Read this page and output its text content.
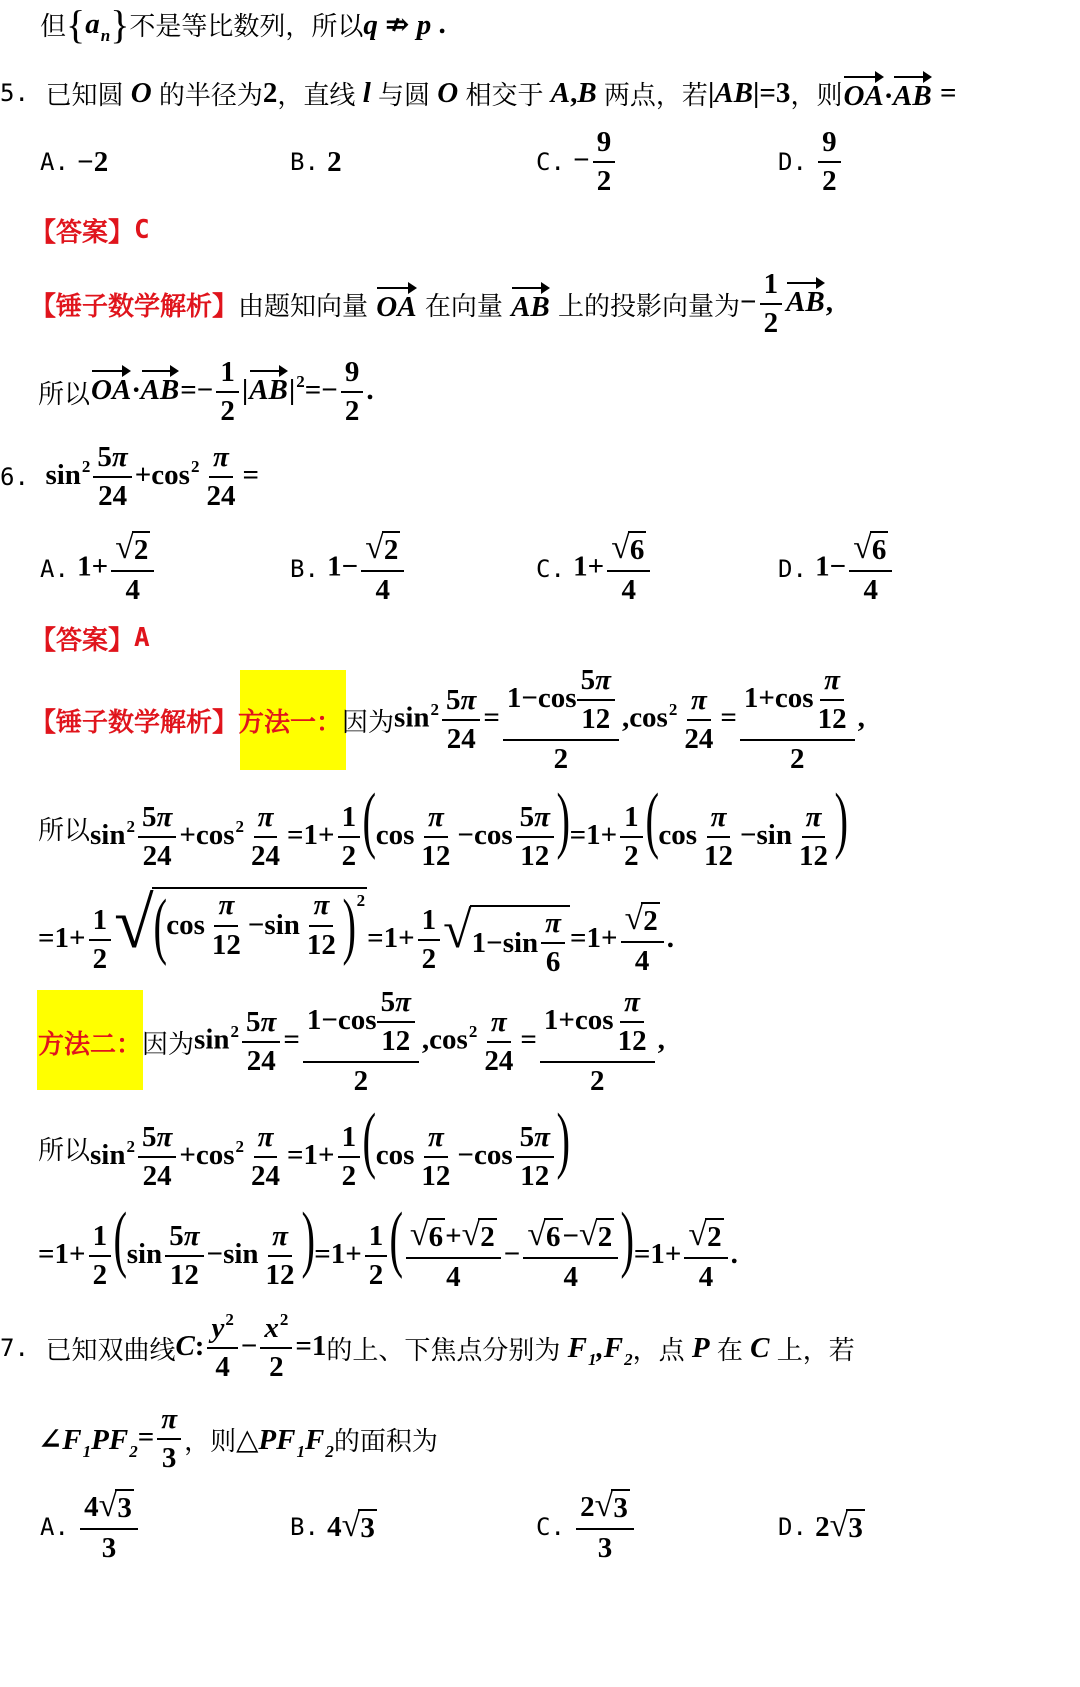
但 { $a_n$ } 不是等比数列，所以 q ⇏ p .
5.
已知圆 O 的半径为 2 ，直线 l 与圆 O 相交于 A , B 两点，若 |AB|=3 ，则 OA·AB =
A.
−2	B.
2	C.
− $\frac{9}{2}$	D.
$\frac{9}{2}$
【答案】 C
【锤子数学解析】 由题知向量 OA 在向量 AB 上的投影向量为 − $\frac{1}{2}$ AB,
所以 $OA\cdot AB=- \frac{1}{2} |AB|^2=- \frac{9}{2}$ .
6.
$\sin^2 \frac{5\pi}{24} +\cos^2 \frac{\pi}{24}$ =
A.
$1+ \frac{√ 2}{4}$	B.
$1- \frac{√ 2}{4}$	C.
$1+ \frac{√ 6}{4}$	D.
$1- \frac{√ 6}{4}$
【答案】 A
【锤子数学解析】 方法一： 因为 $\sin^2 \frac{5\pi}{24} = \frac{1-\cos \frac{5\pi}{12}}{2} ,\cos^2 \frac{\pi}{24} = \frac{1+\cos \frac{\pi}{12}}{2}$ ,
所以 $\sin^2 \frac{5\pi}{24} +\cos^2 \frac{\pi}{24} =1+ \frac{1}{2} (\cos \frac{\pi}{12} -\cos \frac{5\pi}{12} )=1+ \frac{1}{2} (\cos \frac{\pi}{12} -\sin \frac{\pi}{12}$ )
$=1+ \frac{1}{2}$ √ ( cos
π
12
−sin
π
12 ) 2
$=1+ \frac{1}{2}$ √ 1−sin
π
6
$=1+ \frac{√ 2}{4}$ .
方法二： 因为 $\sin^2 \frac{5\pi}{24} = \frac{1-\cos \frac{5\pi}{12}}{2} ,\cos^2 \frac{\pi}{24} = \frac{1+\cos \frac{\pi}{12}}{2}$ ,
所以 $\sin^2 \frac{5\pi}{24} +\cos^2 \frac{\pi}{24} =1+ \frac{1}{2} (\cos \frac{\pi}{12} -\cos \frac{5\pi}{12}$ )
$=1+ \frac{1}{2} (\sin \frac{5\pi}{12} -\sin \frac{\pi}{12} )=1+ \frac{1}{2}$ ( $\frac{√ 6 + √ 2}{4} - \frac{√ 6 - √ 2}{4} )=1+ \frac{√ 2}{4}$ .
7.
已知双曲线 C: $\frac{y^2}{4} - \frac{x^2}{2} =1$ 的上、下焦点分别为 $F_1,F_2$ ，点 P 在 C 上，若
$\angle F_1PF_2 = \frac{\pi}{3}$ ，则 $\triangle PF_1F_2$ 的面积为
A.
$\frac{4 √ 3}{3}$	B.
4 √ 3	C.
$\frac{2 √ 3}{3}$	D.
2 √ 3
